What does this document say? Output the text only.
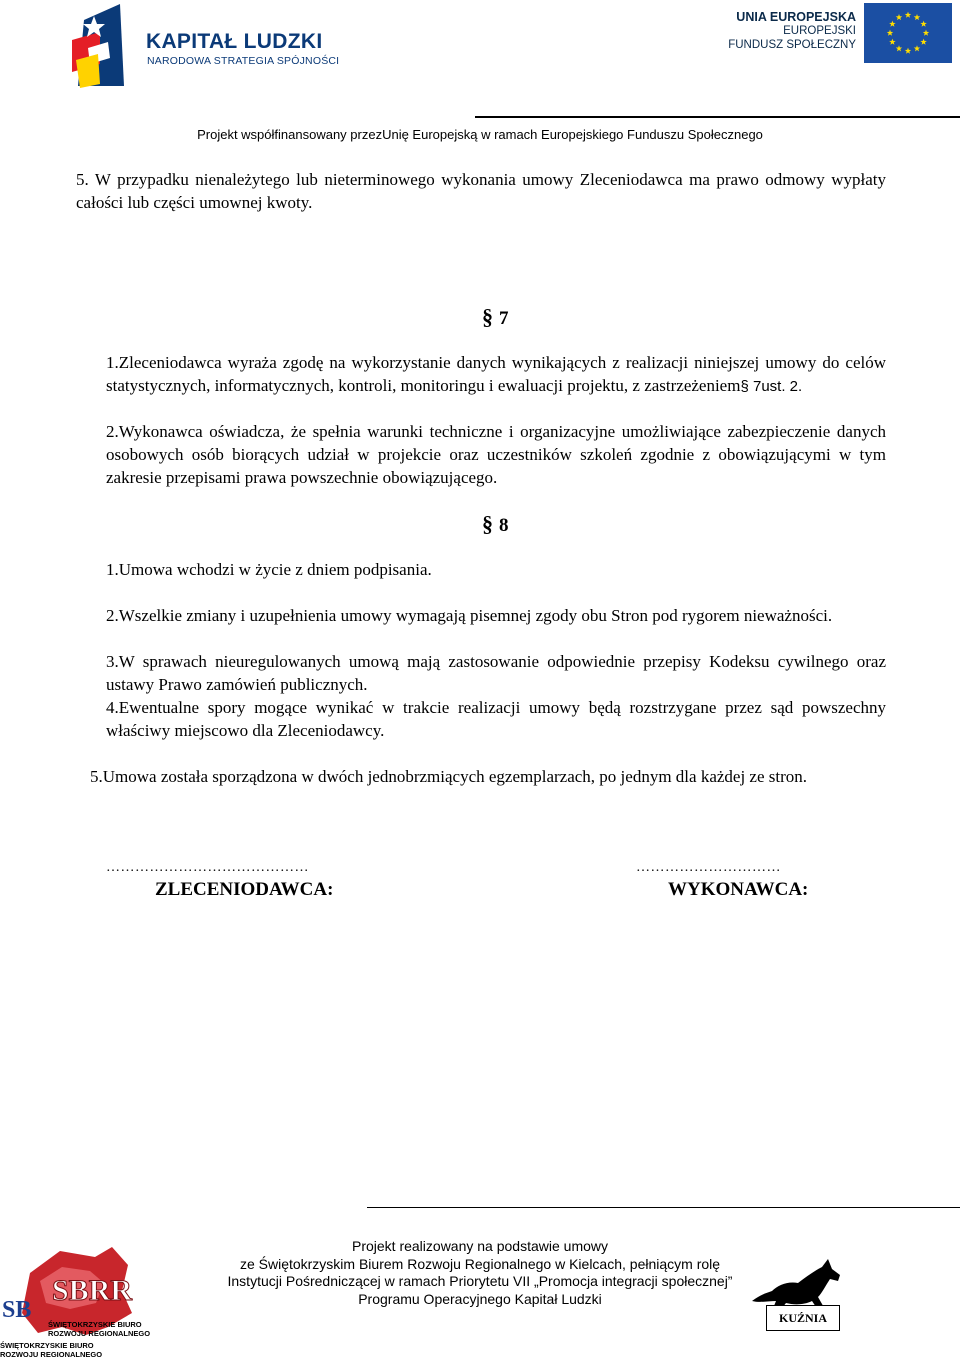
KAPITAŁ LUDZKI
NARODOWA STRATEGIA SPÓJNOŚCI
UNIA EUROPEJSKA
EUROPEJSKI
FUNDUSZ SPOŁECZNY
Projekt współfinansowany przezUnię Europejską w ramach Europejskiego Funduszu Społecznego
5. W przypadku nienależytego lub nieterminowego wykonania umowy Zleceniodawca ma prawo odmowy wypłaty całości lub części umownej kwoty.
§ 7
1.Zleceniodawca wyraża zgodę na wykorzystanie danych wynikających z realizacji niniejszej umowy do celów statystycznych, informatycznych, kontroli, monitoringu i ewaluacji projektu, z zastrzeżeniem§ 7ust. 2.
2.Wykonawca oświadcza, że spełnia warunki techniczne i organizacyjne umożliwiające zabezpieczenie danych osobowych osób biorących udział w projekcie oraz uczestników szkoleń zgodnie z obowiązującymi w tym zakresie przepisami prawa powszechnie obowiązującego.
§ 8
1.Umowa wchodzi w życie z dniem podpisania.
2.Wszelkie zmiany i uzupełnienia umowy wymagają pisemnej zgody obu Stron pod rygorem nieważności.
3.W sprawach nieuregulowanych umową mają zastosowanie odpowiednie przepisy Kodeksu cywilnego oraz ustawy Prawo zamówień publicznych.
4.Ewentualne spory mogące wynikać w trakcie realizacji umowy będą rozstrzygane przez sąd powszechny właściwy miejscowo dla Zleceniodawcy.
5.Umowa została sporządzona w dwóch jednobrzmiących egzemplarzach, po jednym dla każdej ze stron.
……………………………………
ZLECENIODAWCA:
…………………………
WYKONAWCA:
Projekt realizowany na podstawie umowy
ze Świętokrzyskim Biurem Rozwoju Regionalnego w Kielcach, pełniącym rolę
Instytucji Pośredniczącej w ramach Priorytetu VII „Promocja integracji społecznej”
Programu Operacyjnego Kapitał Ludzki
SBRR
SB
ŚWIĘTOKRZYSKIE BIURO
ROZWOJU REGIONALNEGO
ŚWIĘTOKRZYSKIE BIURO
ROZWOJU REGIONALNEGO
KUŹNIA
